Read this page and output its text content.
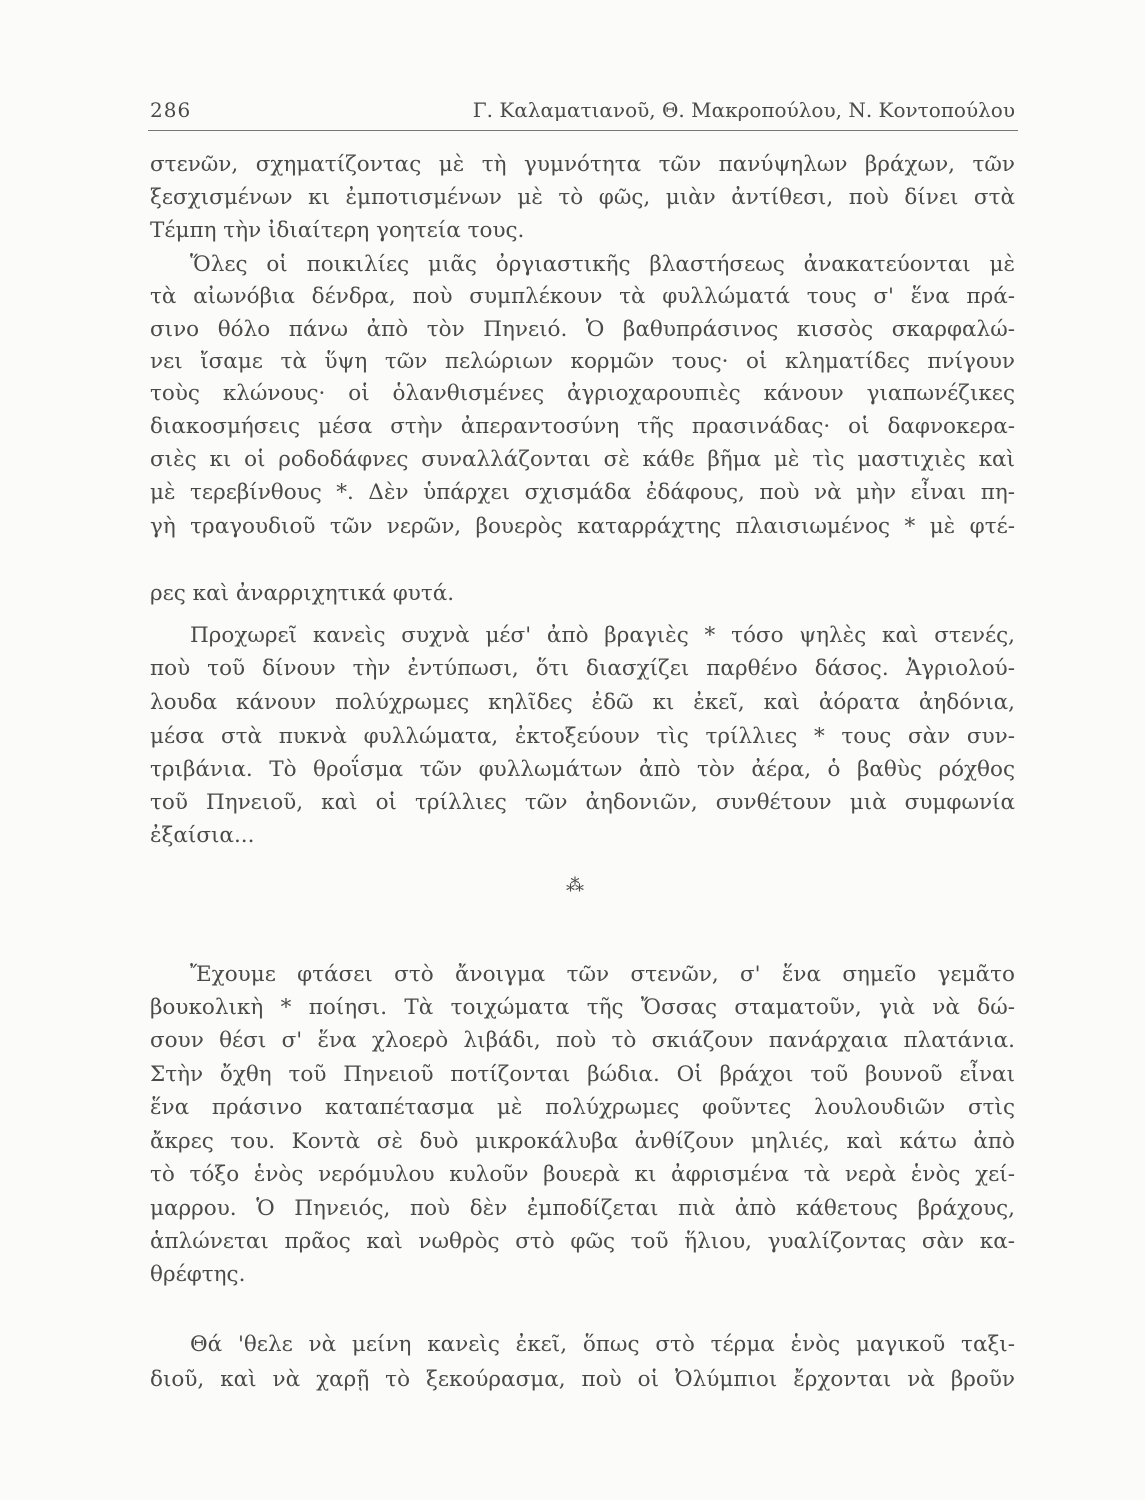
286	Γ. Καλαματιανοῦ, Θ. Μακροπούλου, Ν. Κοντοπούλου
στενῶν, σχηματίζοντας μὲ τὴ γυμνότητα τῶν πανύψηλων βράχων, τῶν
ξεσχισμένων κι ἐμποτισμένων μὲ τὸ φῶς, μιὰν ἀντίθεσι, ποὺ δίνει στὰ
Τέμπη τὴν ἰδιαίτερη γοητεία τους.
Ὅλες οἱ ποικιλίες μιᾶς ὀργιαστικῆς βλαστήσεως ἀνακατεύονται μὲ
τὰ αἰωνόβια δένδρα, ποὺ συμπλέκουν τὰ φυλλώματά τους σ' ἕνα πρά-
σινο θόλο πάνω ἀπὸ τὸν Πηνειό. Ὁ βαθυπράσινος κισσὸς σκαρφαλώ-
νει ἴσαμε τὰ ὕψη τῶν πελώριων κορμῶν τους· οἱ κληματίδες πνίγουν
τοὺς κλώνους· οἱ ὁλανθισμένες ἀγριοχαρουπιὲς κάνουν γιαπωνέζικες
διακοσμήσεις μέσα στὴν ἀπεραντοσύνη τῆς πρασινάδας· οἱ δαφνοκερα-
σιὲς κι οἱ ροδοδάφνες συναλλάζονται σὲ κάθε βῆμα μὲ τὶς μαστιχιὲς καὶ
μὲ τερεβίνθους *. Δὲν ὑπάρχει σχισμάδα ἐδάφους, ποὺ νὰ μὴν εἶναι πη-
γὴ τραγουδιοῦ τῶν νερῶν, βουερὸς καταρράχτης πλαισιωμένος * μὲ φτέ-
ρες καὶ ἀναρριχητικά φυτά.
Προχωρεῖ κανεὶς συχνὰ μέσ' ἀπὸ βραγιὲς * τόσο ψηλὲς καὶ στενές,
ποὺ τοῦ δίνουν τὴν ἐντύπωσι, ὅτι διασχίζει παρθένο δάσος. Ἀγριολού-
λουδα κάνουν πολύχρωμες κηλῖδες ἐδῶ κι ἐκεῖ, καὶ ἀόρατα ἀηδόνια,
μέσα στὰ πυκνὰ φυλλώματα, ἐκτοξεύουν τὶς τρίλλιες * τους σὰν συν-
τριβάνια. Τὸ θροΐσμα τῶν φυλλωμάτων ἀπὸ τὸν ἀέρα, ὁ βαθὺς ρόχθος
τοῦ Πηνειοῦ, καὶ οἱ τρίλλιες τῶν ἀηδονιῶν, συνθέτουν μιὰ συμφωνία
ἐξαίσια...
Ἔχουμε φτάσει στὸ ἄνοιγμα τῶν στενῶν, σ' ἕνα σημεῖο γεμᾶτο
βουκολικὴ * ποίησι. Τὰ τοιχώματα τῆς Ὄσσας σταματοῦν, γιὰ νὰ δώ-
σουν θέσι σ' ἕνα χλοερὸ λιβάδι, ποὺ τὸ σκιάζουν πανάρχαια πλατάνια.
Στὴν ὄχθη τοῦ Πηνειοῦ ποτίζονται βώδια. Οἱ βράχοι τοῦ βουνοῦ εἶναι
ἕνα πράσινο καταπέτασμα μὲ πολύχρωμες φοῦντες λουλουδιῶν στὶς
ἄκρες του. Κοντὰ σὲ δυὸ μικροκάλυβα ἀνθίζουν μηλιές, καὶ κάτω ἀπὸ
τὸ τόξο ἑνὸς νερόμυλου κυλοῦν βουερὰ κι ἀφρισμένα τὰ νερὰ ἑνὸς χεί-
μαρρου. Ὁ Πηνειός, ποὺ δὲν ἐμποδίζεται πιὰ ἀπὸ κάθετους βράχους,
ἁπλώνεται πρᾶος καὶ νωθρὸς στὸ φῶς τοῦ ἥλιου, γυαλίζοντας σὰν κα-
θρέφτης.
Θά 'θελε νὰ μείνη κανεὶς ἐκεῖ, ὅπως στὸ τέρμα ἑνὸς μαγικοῦ ταξι-
διοῦ, καὶ νὰ χαρῇ τὸ ξεκούρασμα, ποὺ οἱ Ὀλύμπιοι ἔρχονται νὰ βροῦν
⁂
